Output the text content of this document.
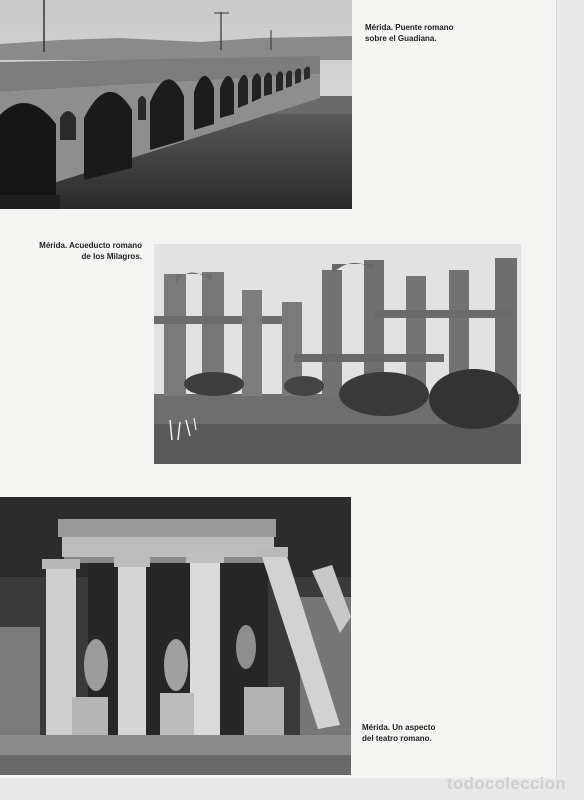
Mérida. Puente romano
sobre el Guadiana.
Mérida. Acueducto romano
de los Milagros.
Mérida. Un aspecto
del teatro romano.
todocoleccion
